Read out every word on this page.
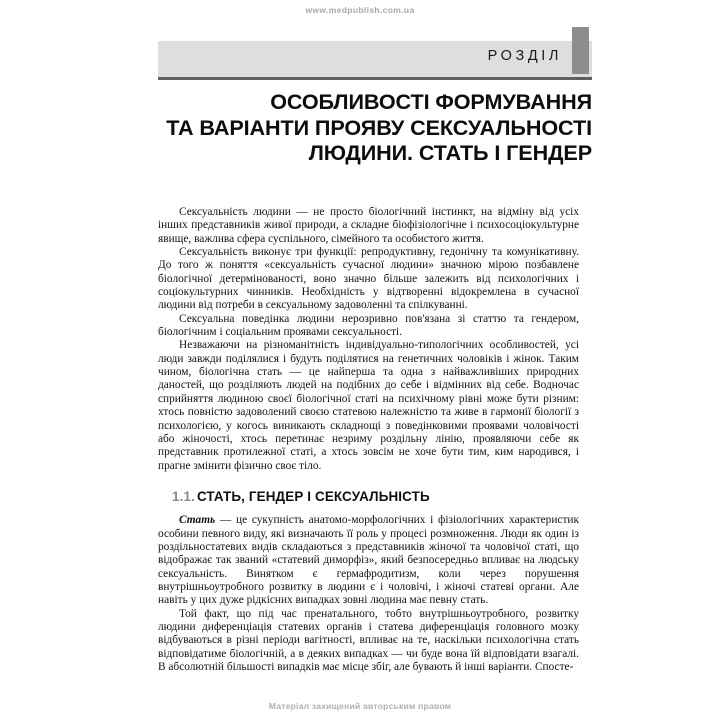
www.medpublish.com.ua
РОЗДІЛ
ОСОБЛИВОСТІ ФОРМУВАННЯ
ТА ВАРІАНТИ ПРОЯВУ СЕКСУАЛЬНОСТІ
ЛЮДИНИ. СТАТЬ І ГЕНДЕР

Сексуальність людини — не просто біологічний інстинкт, на відміну від усіх інших представників живої природи, а складне біофізіологічне і психосоціокультурне явище, важлива сфера суспільного, сімейного та особистого життя.

Сексуальність виконує три функції: репродуктивну, гедонічну та комунікативну. До того ж поняття «сексуальність сучасної людини» значною мірою позбавлене біологічної детермінованості, воно значно більше залежить від психологічних і соціокультурних чинників. Необхідність у відтворенні відокремлена в сучасної людини від потреби в сексуальному задоволенні та спілкуванні.

Сексуальна поведінка людини нерозривно пов'язана зі статтю та гендером, біологічним і соціальним проявами сексуальності.

Незважаючи на різноманітність індивідуально-типологічних особливостей, усі люди завжди поділялися і будуть поділятися на генетичних чоловіків і жінок. Таким чином, біологічна стать — це найперша та одна з найважливіших природних даностей, що розділяють людей на подібних до себе і відмінних від себе. Водночас сприйняття людиною своєї біологічної статі на психічному рівні може бути різним: хтось повністю задоволений своєю статевою належністю та живе в гармонії біології з психологією, у когось виникають складнощі з поведінковими проявами чоловічості або жіночості, хтось перетинає незриму роздільну лінію, проявляючи себе як представник протилежної статі, а хтось зовсім не хоче бути тим, ким народився, і прагне змінити фізично своє тіло.

1.1. СТАТЬ, ГЕНДЕР І СЕКСУАЛЬНІСТЬ

Стать — це сукупність анатомо-морфологічних і фізіологічних характеристик особини певного виду, які визначають її роль у процесі розмноження. Люди як один із роздільностатевих видів складаються з представників жіночої та чоловічої статі, що відображає так званий «статевий диморфіз», який безпосередньо впливає на людську сексуальність. Винятком є гермафродитизм, коли через порушення внутрішньоутробного розвитку в людини є і чоловічі, і жіночі статеві органи. Але навіть у цих дуже рідкісних випадках зовні людина має певну стать.

Той факт, що під час пренатального, тобто внутрішньоутробного, розвитку людини диференціація статевих органів і статева диференціація головного мозку відбуваються в різні періоди вагітності, впливає на те, наскільки психологічна стать відповідатиме біологічній, а в деяких випадках — чи буде вона їй відповідати взагалі. В абсолютній більшості випадків має місце збіг, але бувають й інші варіанти. Спосте-

Матеріал захищений авторським правом
